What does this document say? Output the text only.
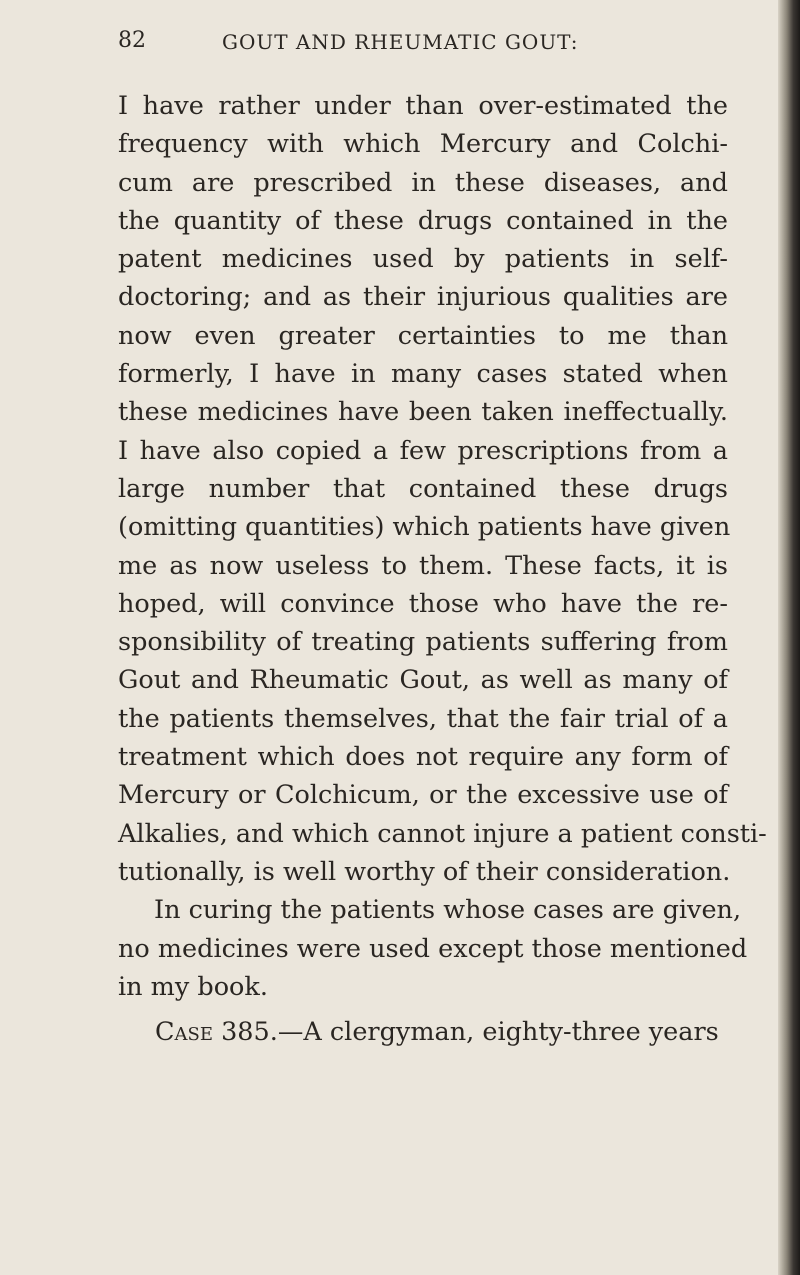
82	GOUT AND RHEUMATIC GOUT:
I have rather under than over-estimated the
frequency with which Mercury and Colchi-
cum are prescribed in these diseases, and
the quantity of these drugs contained in the
patent medicines used by patients in self-
doctoring; and as their injurious qualities are
now even greater certainties to me than
formerly, I have in many cases stated when
these medicines have been taken ineffectually.
I have also copied a few prescriptions from a
large number that contained these drugs
(omitting quantities) which patients have given
me as now useless to them. These facts, it is
hoped, will convince those who have the re-
sponsibility of treating patients suffering from
Gout and Rheumatic Gout, as well as many of
the patients themselves, that the fair trial of a
treatment which does not require any form of
Mercury or Colchicum, or the excessive use of
Alkalies, and which cannot injure a patient consti-
tutionally, is well worthy of their consideration.
In curing the patients whose cases are given,
no medicines were used except those mentioned
in my book.
Case 385.—A clergyman, eighty-three years
